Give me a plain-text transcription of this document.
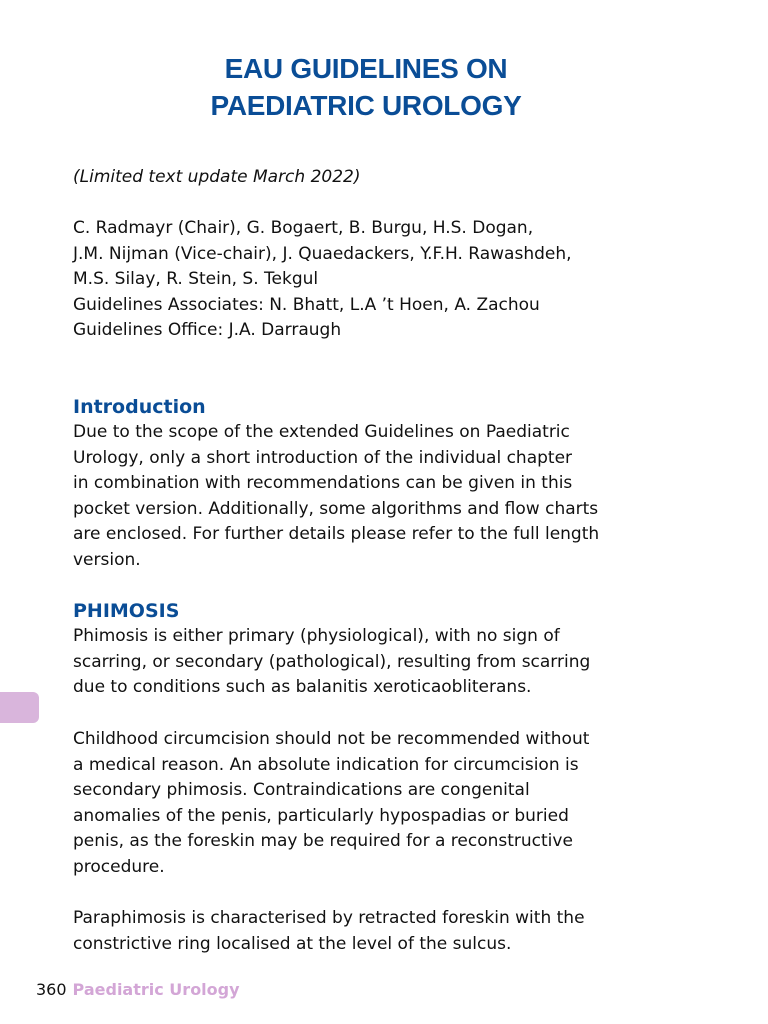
EAU GUIDELINES ON
PAEDIATRIC UROLOGY
(Limited text update March 2022)
C. Radmayr (Chair), G. Bogaert, B. Burgu, H.S. Dogan,
J.M. Nijman (Vice-chair), J. Quaedackers, Y.F.H. Rawashdeh,
M.S. Silay, R. Stein, S. Tekgul
Guidelines Associates: N. Bhatt, L.A ’t Hoen, A. Zachou
Guidelines Office: J.A. Darraugh
Introduction
Due to the scope of the extended Guidelines on Paediatric
Urology, only a short introduction of the individual chapter
in combination with recommendations can be given in this
pocket version. Additionally, some algorithms and flow charts
are enclosed. For further details please refer to the full length
version.
PHIMOSIS
Phimosis is either primary (physiological), with no sign of
scarring, or secondary (pathological), resulting from scarring
due to conditions such as balanitis xeroticaobliterans.
Childhood circumcision should not be recommended without
a medical reason. An absolute indication for circumcision is
secondary phimosis. Contraindications are congenital
anomalies of the penis, particularly hypospadias or buried
penis, as the foreskin may be required for a reconstructive
procedure.
Paraphimosis is characterised by retracted foreskin with the
constrictive ring localised at the level of the sulcus.
360 Paediatric Urology
